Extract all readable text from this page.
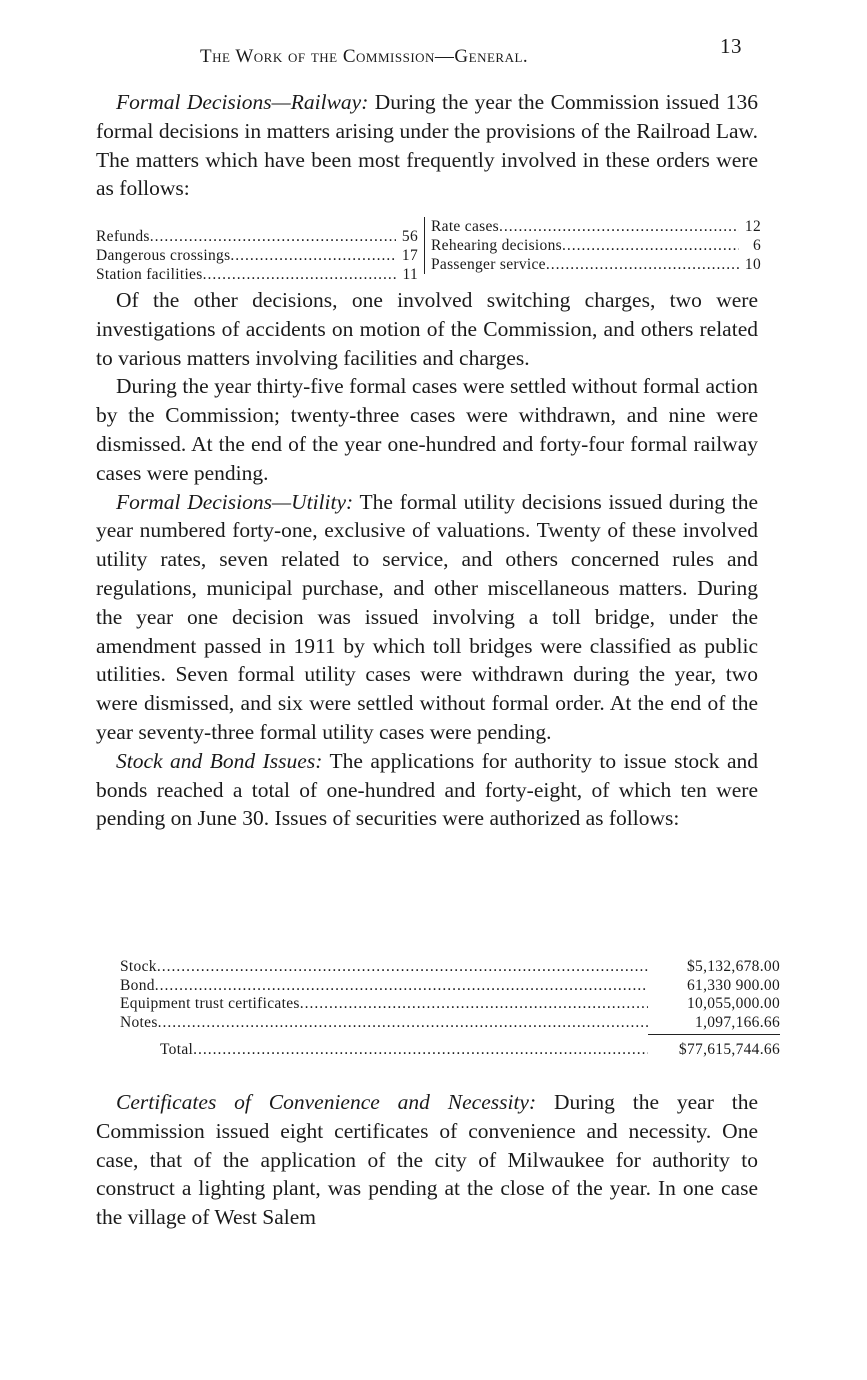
The Work of the Commission—General.	13

Formal Decisions—Railway: During the year the Commission issued 136 formal decisions in matters arising under the provisions of the Railroad Law. The matters which have been most frequently involved in these orders were as follows:

Refunds .....	56
Dangerous crossings .....	17
Station facilities .....	11
Rate cases .....	12
Rehearing decisions .....	6
Passenger service .....	10

Of the other decisions, one involved switching charges, two were investigations of accidents on motion of the Commission, and others related to various matters involving facilities and charges.

During the year thirty-five formal cases were settled without formal action by the Commission; twenty-three cases were withdrawn, and nine were dismissed. At the end of the year one-hundred and forty-four formal railway cases were pending.

Formal Decisions—Utility: The formal utility decisions issued during the year numbered forty-one, exclusive of valuations. Twenty of these involved utility rates, seven related to service, and others concerned rules and regulations, municipal purchase, and other miscellaneous matters. During the year one decision was issued involving a toll bridge, under the amendment passed in 1911 by which toll bridges were classified as public utilities. Seven formal utility cases were withdrawn during the year, two were dismissed, and six were settled without formal order. At the end of the year seventy-three formal utility cases were pending.

Stock and Bond Issues: The applications for authority to issue stock and bonds reached a total of one-hundred and forty-eight, of which ten were pending on June 30. Issues of securities were authorized as follows:

Stock .....	$5,132,678.00
Bond .....	61,330 900.00
Equipment trust certificates .....	10,055,000.00
Notes .....	1,097,166.66
Total .....	$77,615,744.66

Certificates of Convenience and Necessity: During the year the Commission issued eight certificates of convenience and necessity. One case, that of the application of the city of Milwaukee for authority to construct a lighting plant, was pending at the close of the year. In one case the village of West Salem
